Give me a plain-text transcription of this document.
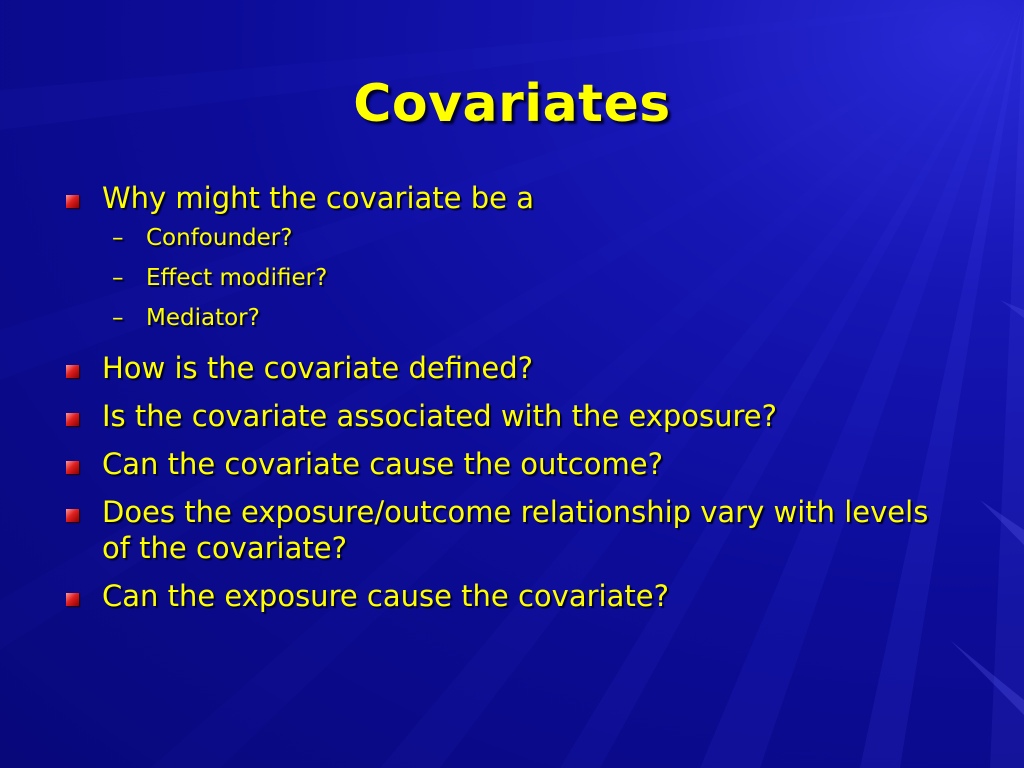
Covariates
Why might the covariate be a
– Confounder?
– Effect modifier?
– Mediator?
How is the covariate defined?
Is the covariate associated with the exposure?
Can the covariate cause the outcome?
Does the exposure/outcome relationship vary with levels of the covariate?
Can the exposure cause the covariate?
